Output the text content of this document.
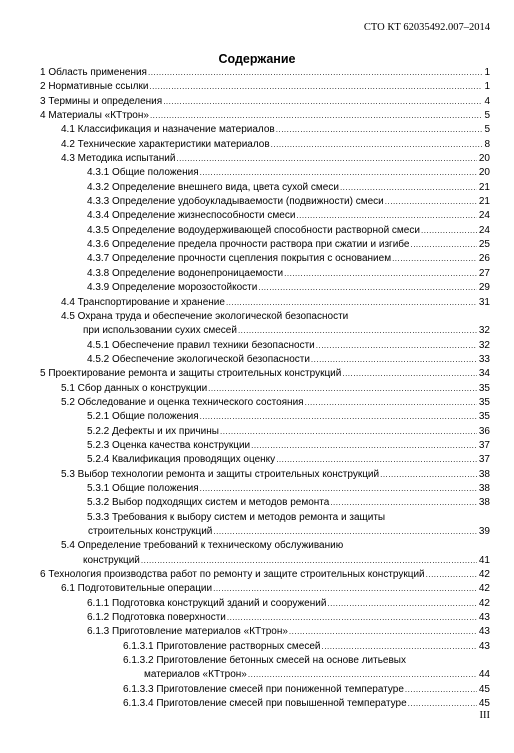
СТО КТ 62035492.007–2014
Содержание
1 Область применения .....	1
2 Нормативные ссылки .....	1
3 Термины и определения .....	4
4 Материалы «КТтрон» .....	5
4.1 Классификация и назначение материалов .....	5
4.2 Технические характеристики материалов .....	8
4.3 Методика испытаний .....	20
4.3.1 Общие положения .....	20
4.3.2 Определение внешнего вида, цвета сухой смеси .....	21
4.3.3 Определение удобоукладываемости (подвижности) смеси .....	21
4.3.4 Определение жизнеспособности смеси .....	24
4.3.5 Определение водоудерживающей способности растворной смеси .....	24
4.3.6 Определение предела прочности раствора при сжатии и изгибе .....	25
4.3.7 Определение прочности сцепления покрытия с основанием .....	26
4.3.8 Определение водонепроницаемости .....	27
4.3.9 Определение морозостойкости .....	29
4.4 Транспортирование и хранение .....	31
4.5 Охрана труда и обеспечение экологической безопасности
при использовании сухих смесей .....	32
4.5.1 Обеспечение правил техники безопасности .....	32
4.5.2 Обеспечение экологической безопасности .....	33
5 Проектирование ремонта и защиты строительных конструкций .....	34
5.1 Сбор данных о конструкции .....	35
5.2 Обследование и оценка технического состояния .....	35
5.2.1 Общие положения .....	35
5.2.2 Дефекты и их причины .....	36
5.2.3 Оценка качества конструкции .....	37
5.2.4 Квалификация проводящих оценку .....	37
5.3 Выбор технологии ремонта и защиты строительных конструкций .....	38
5.3.1 Общие положения .....	38
5.3.2 Выбор подходящих систем и методов ремонта .....	38
5.3.3 Требования к выбору систем и методов ремонта и защиты
строительных конструкций .....	39
5.4 Определение требований к техническому обслуживанию
конструкций .....	41
6 Технология производства работ по ремонту и защите строительных конструкций .....	42
6.1 Подготовительные операции .....	42
6.1.1 Подготовка конструкций зданий и сооружений .....	42
6.1.2 Подготовка поверхности .....	43
6.1.3 Приготовление материалов «КТтрон» .....	43
6.1.3.1 Приготовление растворных смесей .....	43
6.1.3.2 Приготовление бетонных смесей на основе литьевых
материалов «КТтрон» .....	44
6.1.3.3 Приготовление смесей при пониженной температуре .....	45
6.1.3.4 Приготовление смесей при повышенной температуре .....	45
III
